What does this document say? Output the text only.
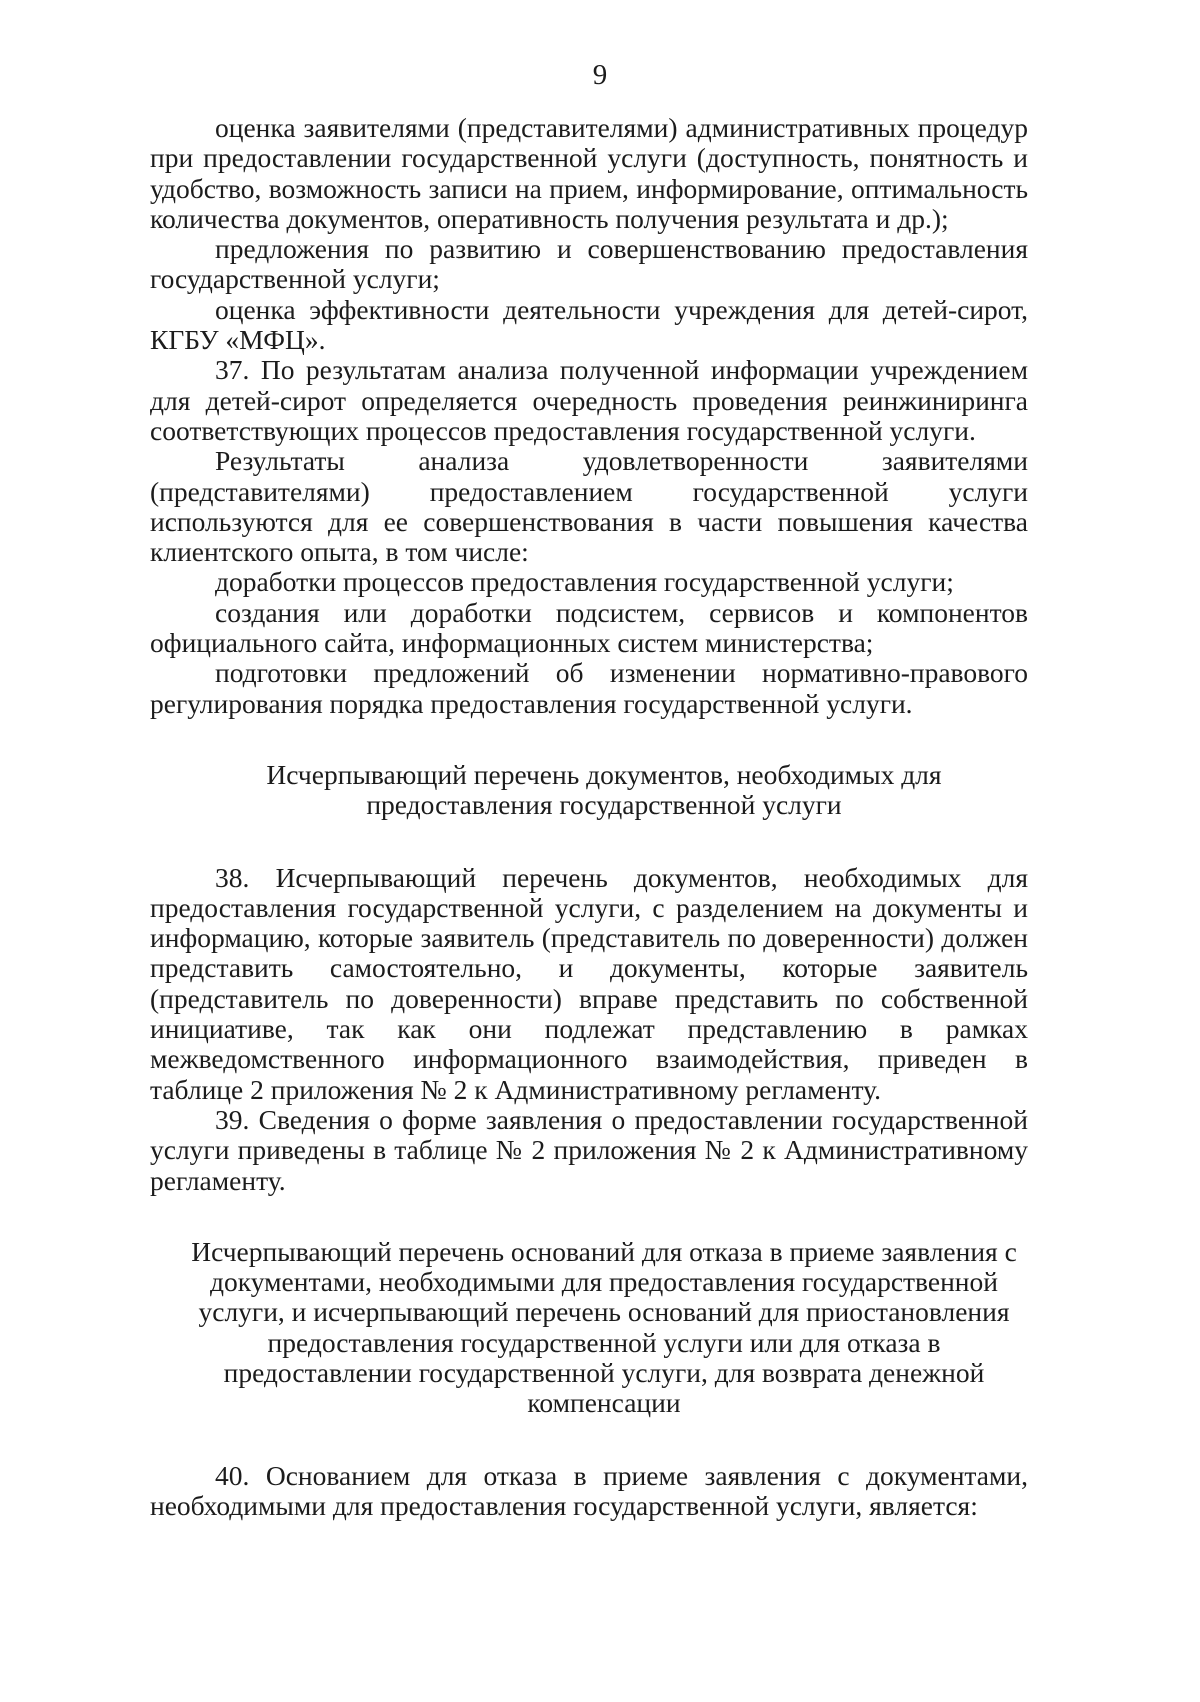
9

оценка заявителями (представителями) административных процедур при предоставлении государственной услуги (доступность, понятность и удобство, возможность записи на прием, информирование, оптимальность количества документов, оперативность получения результата и др.);

предложения по развитию и совершенствованию предоставления государственной услуги;

оценка эффективности деятельности учреждения для детей-сирот, КГБУ «МФЦ».

37. По результатам анализа полученной информации учреждением для детей-сирот определяется очередность проведения реинжиниринга соответствующих процессов предоставления государственной услуги.

Результаты анализа удовлетворенности заявителями (представителями) предоставлением государственной услуги используются для ее совершенствования в части повышения качества клиентского опыта, в том числе:

доработки процессов предоставления государственной услуги;

создания или доработки подсистем, сервисов и компонентов официального сайта, информационных систем министерства;

подготовки предложений об изменении нормативно-правового регулирования порядка предоставления государственной услуги.

Исчерпывающий перечень документов, необходимых для предоставления государственной услуги

38. Исчерпывающий перечень документов, необходимых для предоставления государственной услуги, с разделением на документы и информацию, которые заявитель (представитель по доверенности) должен представить самостоятельно, и документы, которые заявитель (представитель по доверенности) вправе представить по собственной инициативе, так как они подлежат представлению в рамках межведомственного информационного взаимодействия, приведен в таблице 2 приложения № 2 к Административному регламенту.

39. Сведения о форме заявления о предоставлении государственной услуги приведены в таблице № 2 приложения № 2 к Административному регламенту.

Исчерпывающий перечень оснований для отказа в приеме заявления с документами, необходимыми для предоставления государственной услуги, и исчерпывающий перечень оснований для приостановления предоставления государственной услуги или для отказа в предоставлении государственной услуги, для возврата денежной компенсации

40. Основанием для отказа в приеме заявления с документами, необходимыми для предоставления государственной услуги, является:
